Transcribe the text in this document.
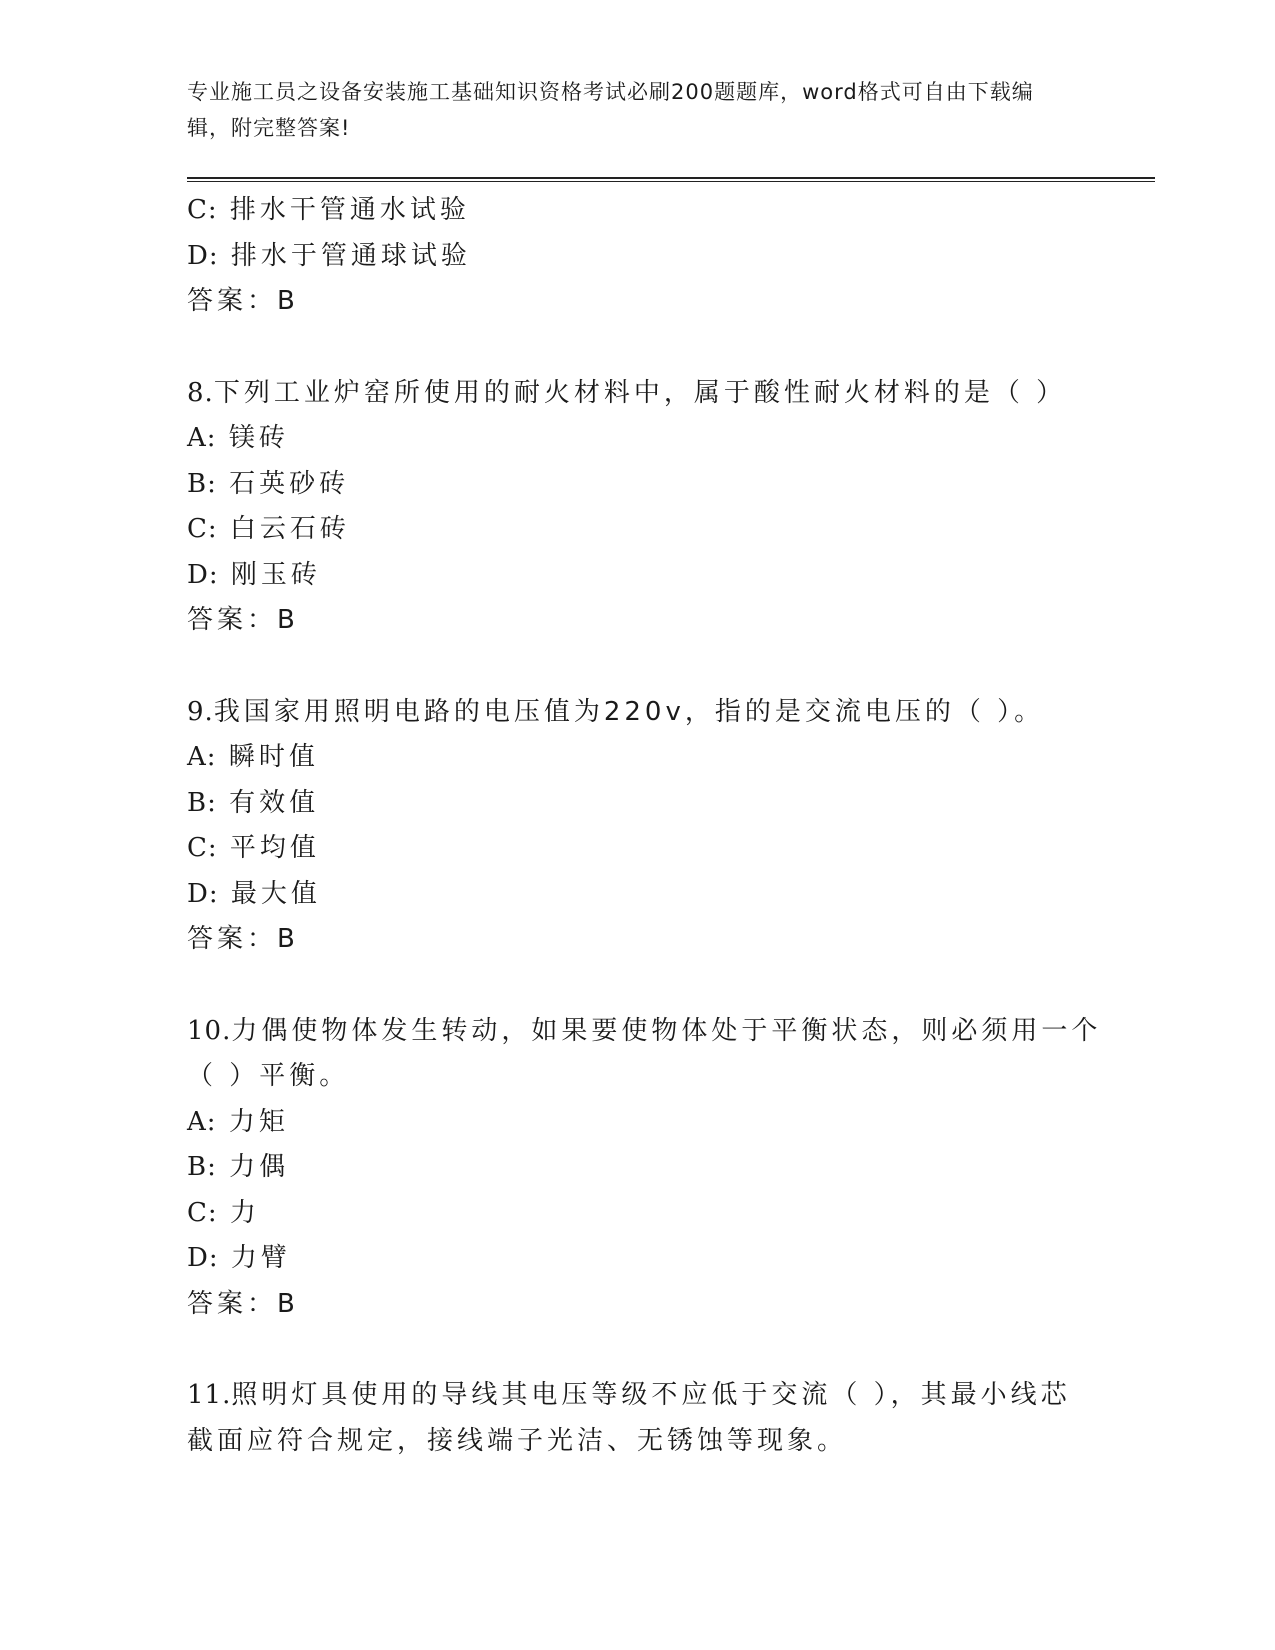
专业施工员之设备安装施工基础知识资格考试必刷200题题库，word格式可自由下载编辑，附完整答案!
C: 排水干管通水试验
D: 排水于管通球试验
答案：B
8.下列工业炉窑所使用的耐火材料中，属于酸性耐火材料的是（ ）
A: 镁砖
B: 石英砂砖
C: 白云石砖
D: 刚玉砖
答案：B
9.我国家用照明电路的电压值为220v，指的是交流电压的（ ）。
A: 瞬时值
B: 有效值
C: 平均值
D: 最大值
答案：B
10.力偶使物体发生转动，如果要使物体处于平衡状态，则必须用一个
（ ）平衡。
A: 力矩
B: 力偶
C: 力
D: 力臂
答案：B
11.照明灯具使用的导线其电压等级不应低于交流（ ），其最小线芯
截面应符合规定，接线端子光洁、无锈蚀等现象。
